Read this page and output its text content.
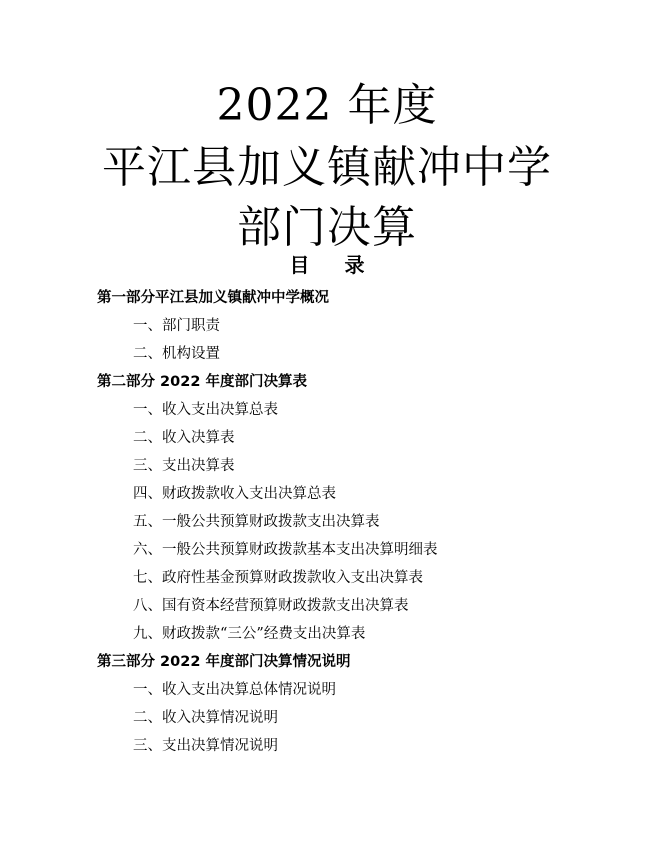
2022 年度
平江县加义镇献冲中学
部门决算
目 录
第一部分平江县加义镇献冲中学概况
一、部门职责
二、机构设置
第二部分 2022 年度部门决算表
一、收入支出决算总表
二、收入决算表
三、支出决算表
四、财政拨款收入支出决算总表
五、一般公共预算财政拨款支出决算表
六、一般公共预算财政拨款基本支出决算明细表
七、政府性基金预算财政拨款收入支出决算表
八、国有资本经营预算财政拨款支出决算表
九、财政拨款“三公”经费支出决算表
第三部分 2022 年度部门决算情况说明
一、收入支出决算总体情况说明
二、收入决算情况说明
三、支出决算情况说明
